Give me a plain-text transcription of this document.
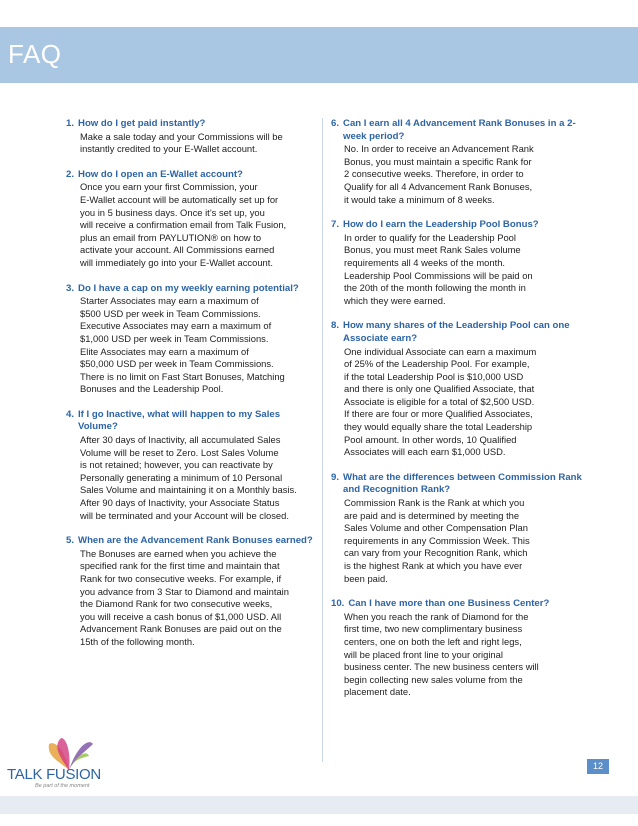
FAQ
1. How do I get paid instantly?
Make a sale today and your Commissions will be
instantly credited to your E-Wallet account.
2. How do I open an E-Wallet account?
Once you earn your first Commission, your
E-Wallet account will be automatically set up for
you in 5 business days. Once it’s set up, you
will receive a confirmation email from Talk Fusion,
plus an email from PAYLUTION® on how to
activate your account. All Commissions earned
will immediately go into your E-Wallet account.
3. Do I have a cap on my weekly earning potential?
Starter Associates may earn a maximum of
$500 USD per week in Team Commissions.
Executive Associates may earn a maximum of
$1,000 USD per week in Team Commissions.
Elite Associates may earn a maximum of
$50,000 USD per week in Team Commissions.
There is no limit on Fast Start Bonuses, Matching
Bonuses and the Leadership Pool.
4. If I go Inactive, what will happen to my Sales Volume?
After 30 days of Inactivity, all accumulated Sales
Volume will be reset to Zero. Lost Sales Volume
is not retained; however, you can reactivate by
Personally generating a minimum of 10 Personal
Sales Volume and maintaining it on a Monthly basis.
After 90 days of Inactivity, your Associate Status
will be terminated and your Account will be closed.
5. When are the Advancement Rank Bonuses earned?
The Bonuses are earned when you achieve the
specified rank for the first time and maintain that
Rank for two consecutive weeks. For example, if
you advance from 3 Star to Diamond and maintain
the Diamond Rank for two consecutive weeks,
you will receive a cash bonus of $1,000 USD. All
Advancement Rank Bonuses are paid out on the
15th of the following month.
6. Can I earn all 4 Advancement Rank Bonuses in a 2-week period?
No. In order to receive an Advancement Rank
Bonus, you must maintain a specific Rank for
2 consecutive weeks. Therefore, in order to
Qualify for all 4 Advancement Rank Bonuses,
it would take a minimum of 8 weeks.
7. How do I earn the Leadership Pool Bonus?
In order to qualify for the Leadership Pool
Bonus, you must meet Rank Sales volume
requirements all 4 weeks of the month.
Leadership Pool Commissions will be paid on
the 20th of the month following the month in
which they were earned.
8. How many shares of the Leadership Pool can one Associate earn?
One individual Associate can earn a maximum
of 25% of the Leadership Pool. For example,
if the total Leadership Pool is $10,000 USD
and there is only one Qualified Associate, that
Associate is eligible for a total of $2,500 USD.
If there are four or more Qualified Associates,
they would equally share the total Leadership
Pool amount. In other words, 10 Qualified
Associates will each earn $1,000 USD.
9. What are the differences between Commission Rank and Recognition Rank?
Commission Rank is the Rank at which you
are paid and is determined by meeting the
Sales Volume and other Compensation Plan
requirements in any Commission Week. This
can vary from your Recognition Rank, which
is the highest Rank at which you have ever
been paid.
10. Can I have more than one Business Center?
When you reach the rank of Diamond for the
first time, two new complimentary business
centers, one on both the left and right legs,
will be placed front line to your original
business center. The new business centers will
begin collecting new sales volume from the
placement date.
TALK FUSION
Be part of the moment
12
